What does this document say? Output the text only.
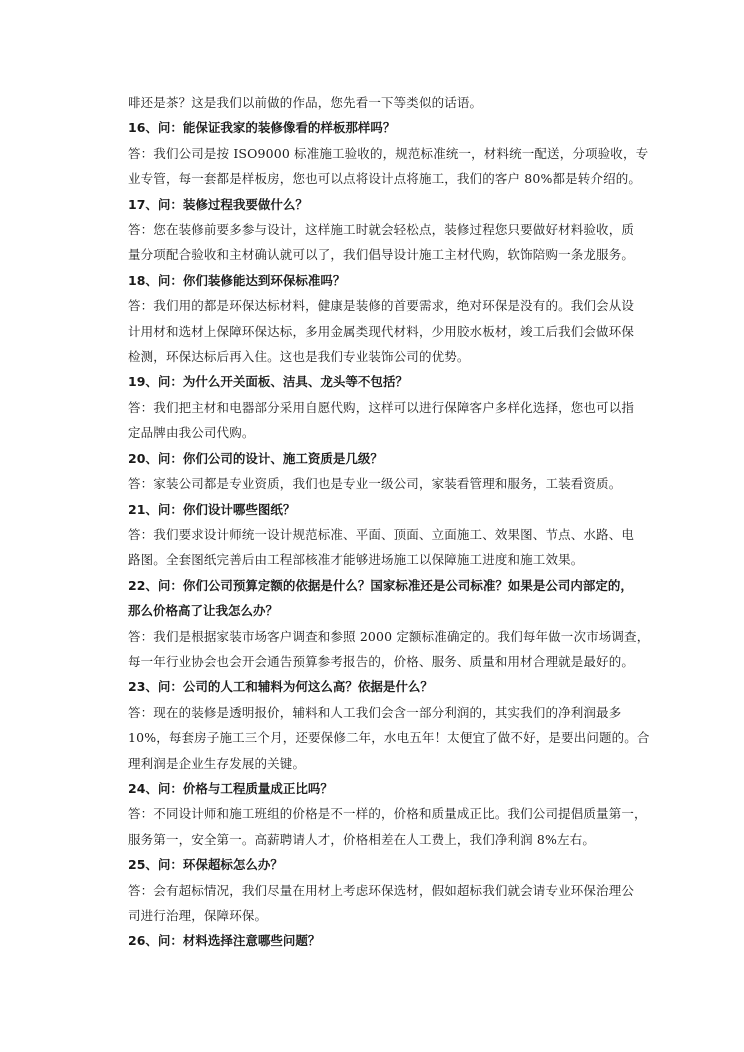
啡还是茶？这是我们以前做的作品，您先看一下等类似的话语。

16、问：能保证我家的装修像看的样板那样吗？

答：我们公司是按 ISO9000 标准施工验收的，规范标准统一，材料统一配送，分项验收，专

业专管，每一套都是样板房，您也可以点将设计点将施工，我们的客户 80%都是转介绍的。

17、问：装修过程我要做什么？

答：您在装修前要多参与设计，这样施工时就会轻松点，装修过程您只要做好材料验收，质

量分项配合验收和主材确认就可以了，我们倡导设计施工主材代购，软饰陪购一条龙服务。

18、问：你们装修能达到环保标准吗？

答：我们用的都是环保达标材料，健康是装修的首要需求，绝对环保是没有的。我们会从设

计用材和选材上保障环保达标，多用金属类现代材料，少用胶水板材，竣工后我们会做环保

检测，环保达标后再入住。这也是我们专业装饰公司的优势。

19、问：为什么开关面板、洁具、龙头等不包括？

答：我们把主材和电器部分采用自愿代购，这样可以进行保障客户多样化选择，您也可以指

定品牌由我公司代购。

20、问：你们公司的设计、施工资质是几级？

答：家装公司都是专业资质，我们也是专业一级公司，家装看管理和服务，工装看资质。

21、问：你们设计哪些图纸？

答：我们要求设计师统一设计规范标准、平面、顶面、立面施工、效果图、节点、水路、电

路图。全套图纸完善后由工程部核准才能够进场施工以保障施工进度和施工效果。

22、问：你们公司预算定额的依据是什么？国家标准还是公司标准？如果是公司内部定的，

那么价格高了让我怎么办？

答：我们是根据家装市场客户调查和参照 2000 定额标准确定的。我们每年做一次市场调查，

每一年行业协会也会开会通告预算参考报告的，价格、服务、质量和用材合理就是最好的。

23、问：公司的人工和辅料为何这么高？依据是什么？

答：现在的装修是透明报价，辅料和人工我们会含一部分利润的，其实我们的净利润最多

10%，每套房子施工三个月，还要保修二年，水电五年！太便宜了做不好，是要出问题的。合

理利润是企业生存发展的关键。

24、问：价格与工程质量成正比吗？

答：不同设计师和施工班组的价格是不一样的，价格和质量成正比。我们公司提倡质量第一，

服务第一，安全第一。高薪聘请人才，价格相差在人工费上，我们净利润 8%左右。

25、问：环保超标怎么办？

答：会有超标情况，我们尽量在用材上考虑环保选材，假如超标我们就会请专业环保治理公

司进行治理，保障环保。

26、问：材料选择注意哪些问题？
